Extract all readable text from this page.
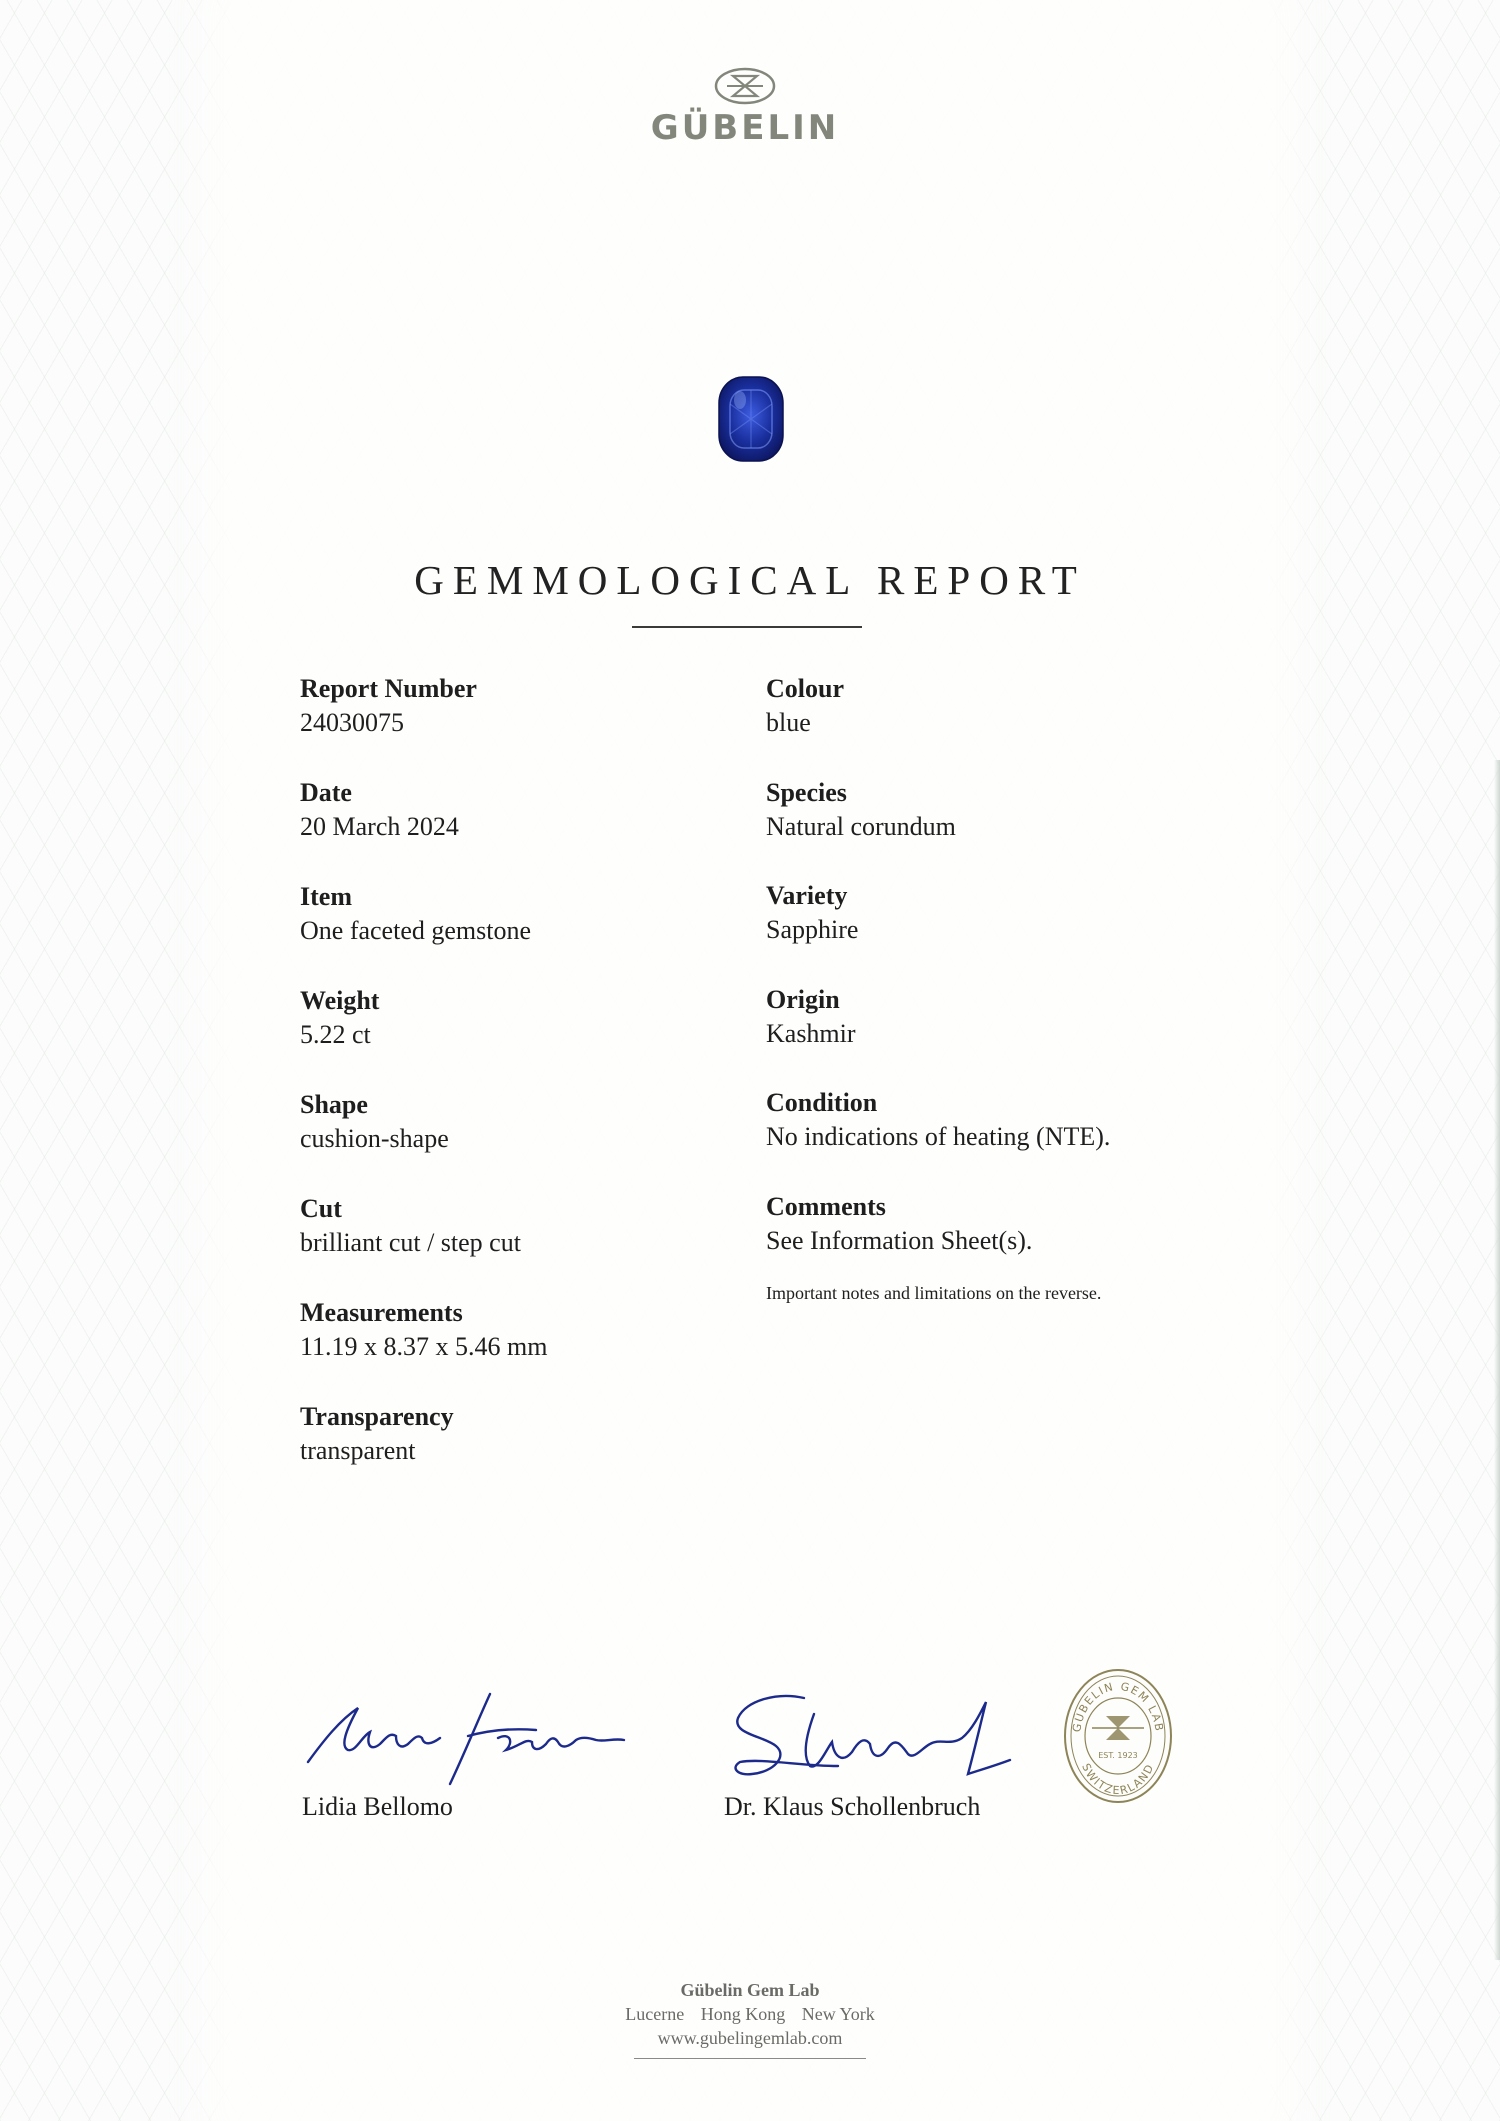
GÜBELIN
GEMMOLOGICAL REPORT
Report Number
24030075
Date
20 March 2024
Item
One faceted gemstone
Weight
5.22 ct
Shape
cushion-shape
Cut
brilliant cut / step cut
Measurements
11.19 x 8.37 x 5.46 mm
Transparency
transparent
Colour
blue
Species
Natural corundum
Variety
Sapphire
Origin
Kashmir
Condition
No indications of heating (NTE).
Comments
See Information Sheet(s).
Important notes and limitations on the reverse.
Lidia Bellomo	Dr. Klaus Schollenbruch
GÜBELIN GEM LAB
SWITZERLAND
EST. 1923
Gübelin Gem Lab
Lucerne Hong Kong New York
www.gubelingemlab.com
